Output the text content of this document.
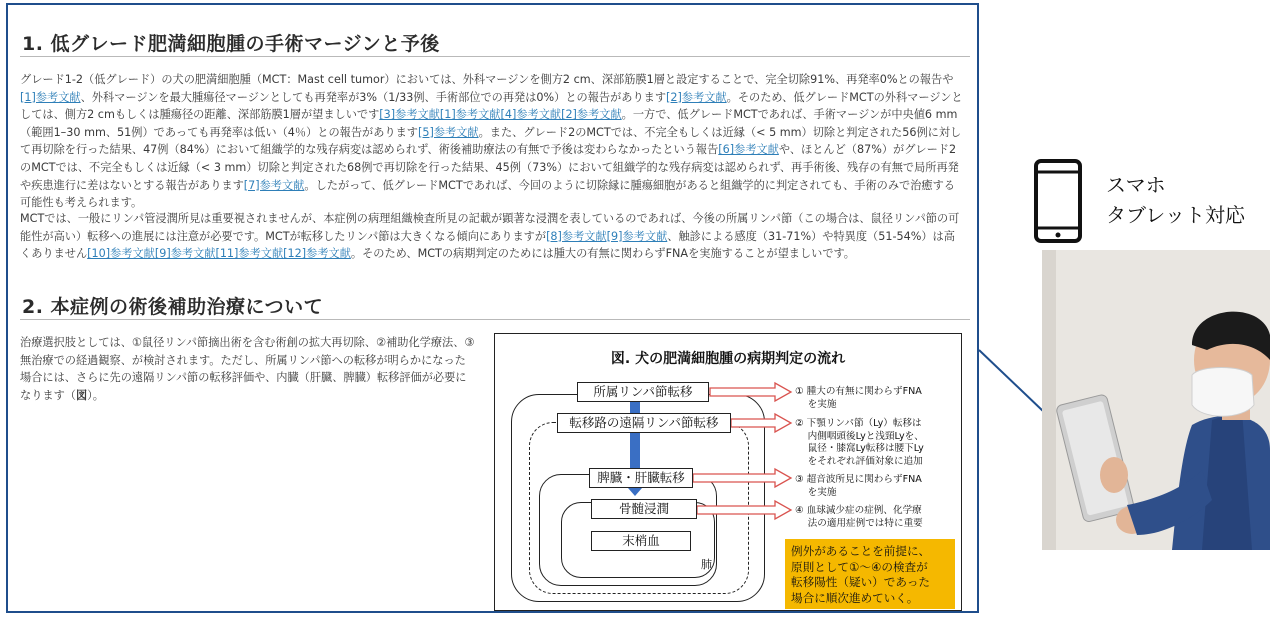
1. 低グレード肥満細胞腫の手術マージンと予後

グレード1-2（低グレード）の犬の肥満細胞腫（MCT：Mast cell tumor）においては、外科マージンを側方2 cm、深部筋膜1層と設定することで、完全切除91%、再発率0%との報告や[1]参考文献、外科マージンを最大腫瘍径マージンとしても再発率が3%（1/33例、手術部位での再発は0%）との報告があります[2]参考文献。そのため、低グレードMCTの外科マージンとしては、側方2 cmもしくは腫瘍径の距離、深部筋膜1層が望ましいです[3]参考文献[1]参考文献[4]参考文献[2]参考文献。一方で、低グレードMCTであれば、手術マージンが中央値6 mm（範囲1–30 mm、51例）であっても再発率は低い（4％）との報告があります[5]参考文献。また、グレード2のMCTでは、不完全もしくは近縁（< 5 mm）切除と判定された56例に対して再切除を行った結果、47例（84%）において組織学的な残存病変は認められず、術後補助療法の有無で予後は変わらなかったという報告[6]参考文献や、ほとんど（87%）がグレード2のMCTでは、不完全もしくは近縁（< 3 mm）切除と判定された68例で再切除を行った結果、45例（73%）において組織学的な残存病変は認められず、再手術後、残存の有無で局所再発や疾患進行に差はないとする報告があります[7]参考文献。したがって、低グレードMCTであれば、今回のように切除縁に腫瘍細胞があると組織学的に判定されても、手術のみで治癒する可能性も考えられます。

MCTでは、一般にリンパ管浸潤所見は重要視されませんが、本症例の病理組織検査所見の記載が顕著な浸潤を表しているのであれば、今後の所属リンパ節（この場合は、鼠径リンパ節の可能性が高い）転移への進展には注意が必要です。MCTが転移したリンパ節は大きくなる傾向にありますが[8]参考文献[9]参考文献、触診による感度（31-71%）や特異度（51-54%）は高くありません[10]参考文献[9]参考文献[11]参考文献[12]参考文献。そのため、MCTの病期判定のためには腫大の有無に関わらずFNAを実施することが望ましいです。

2. 本症例の術後補助治療について

治療選択肢としては、①鼠径リンパ節摘出術を含む術創の拡大再切除、②補助化学療法、③無治療での経過観察、が検討されます。ただし、所属リンパ節への転移が明らかになった場合には、さらに先の遠隔リンパ節の転移評価や、内臓（肝臓、脾臓）転移評価が必要になります（図）。

図. 犬の肥満細胞腫の病期判定の流れ
肺
所属リンパ節転移
転移路の遠隔リンパ節転移
脾臓・肝臓転移
骨髄浸潤
末梢血
① 腫大の有無に関わらずFNA
　 を実施
② 下顎リンパ節（Ly）転移は
　 内側咽頭後Lyと浅頸Lyを、
　 鼠径・膝窩Ly転移は腰下Ly
　 をそれぞれ評価対象に追加
③ 超音波所見に関わらずFNA
　 を実施
④ 血球減少症の症例、化学療
　 法の適用症例では特に重要
例外があることを前提に、
原則として①〜④の検査が
転移陽性（疑い）であった
場合に順次進めていく。
スマホ
タブレット対応
